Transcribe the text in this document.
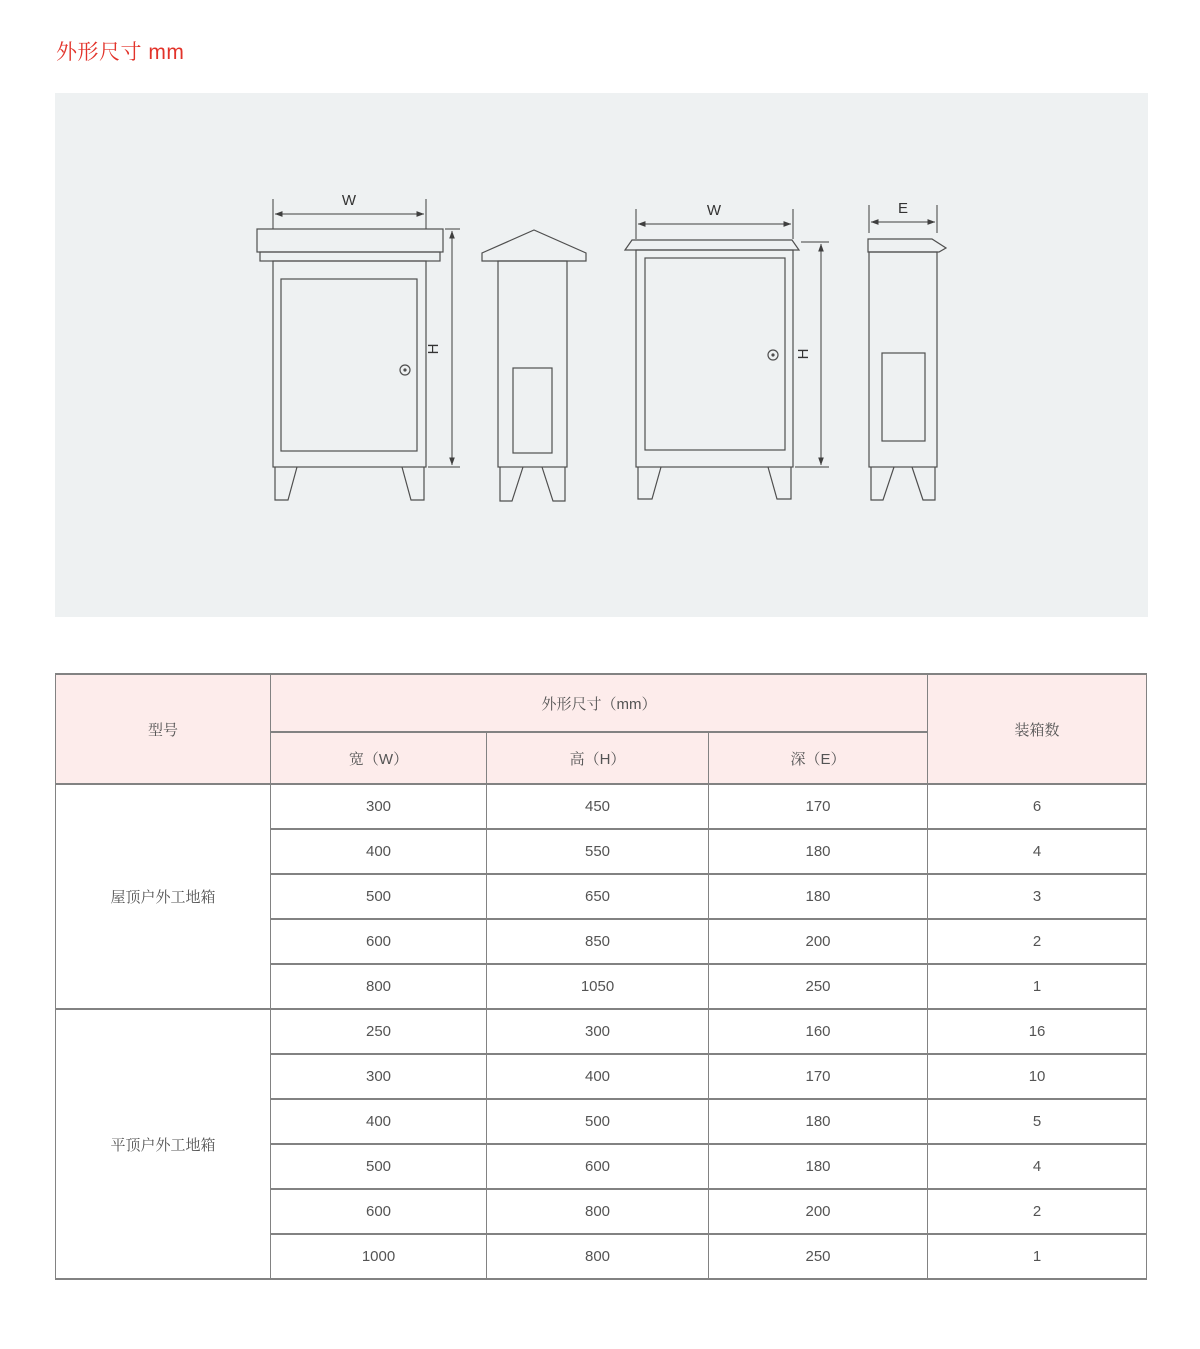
外形尺寸 mm
W
H
W
H
E
型号	外形尺寸（mm）			装箱数
	宽（W）	高（H）	深（E）	
屋顶户外工地箱	300	450	170	6
	400	550	180	4
	500	650	180	3
	600	850	200	2
	800	1050	250	1
平顶户外工地箱	250	300	160	16
	300	400	170	10
	400	500	180	5
	500	600	180	4
	600	800	200	2
	1000	800	250	1
